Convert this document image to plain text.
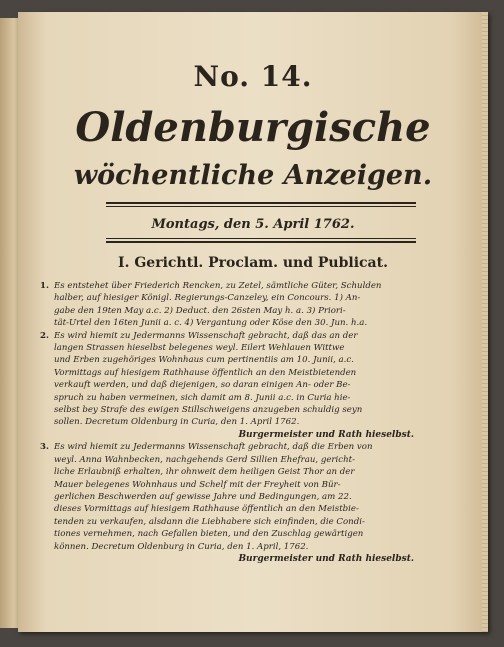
No. 14.
Oldenburgische
wöchentliche Anzeigen.
Montags, den 5. April 1762.
I. Gerichtl. Proclam. und Publicat.
1. Es entstehet über Friederich Rencken, zu Zetel, sämtliche Güter, Schulden
halber, auf hiesiger Königl. Regierungs-Canzeley, ein Concours. 1) An-
gabe den 19ten May a.c. 2) Deduct. den 26sten May h. a. 3) Priori-
tät-Urtel den 16ten Junii a. c. 4) Vergantung oder Köse den 30. Jun. h.a.
2. Es wird hiemit zu Jedermanns Wissenschaft gebracht, daß das an der
langen Strassen hieselbst belegenes weyl. Eilert Wehlauen Wittwe
und Erben zugehöriges Wohnhaus cum pertinentiis am 10. Junii, a.c.
Vormittags auf hiesigem Rathhause öffentlich an den Meistbietenden
verkauft werden, und daß diejenigen, so daran einigen An- oder Be-
spruch zu haben vermeinen, sich damit am 8. Junii a.c. in Curia hie-
selbst bey Strafe des ewigen Stillschweigens anzugeben schuldig seyn
sollen. Decretum Oldenburg in Curia, den 1. April 1762.
Burgermeister und Rath hieselbst.
3. Es wird hiemit zu Jedermanns Wissenschaft gebracht, daß die Erben von
weyl. Anna Wahnbecken, nachgehends Gerd Sillien Ehefrau, gericht-
liche Erlaubniß erhalten, ihr ohnweit dem heiligen Geist Thor an der
Mauer belegenes Wohnhaus und Schelf mit der Freyheit von Bür-
gerlichen Beschwerden auf gewisse Jahre und Bedingungen, am 22.
dieses Vormittags auf hiesigem Rathhause öffentlich an den Meistbie-
tenden zu verkaufen, alsdann die Liebhabere sich einfinden, die Condi-
tiones vernehmen, nach Gefallen bieten, und den Zuschlag gewärtigen
können. Decretum Oldenburg in Curia, den 1. April, 1762.
Burgermeister und Rath hieselbst.
